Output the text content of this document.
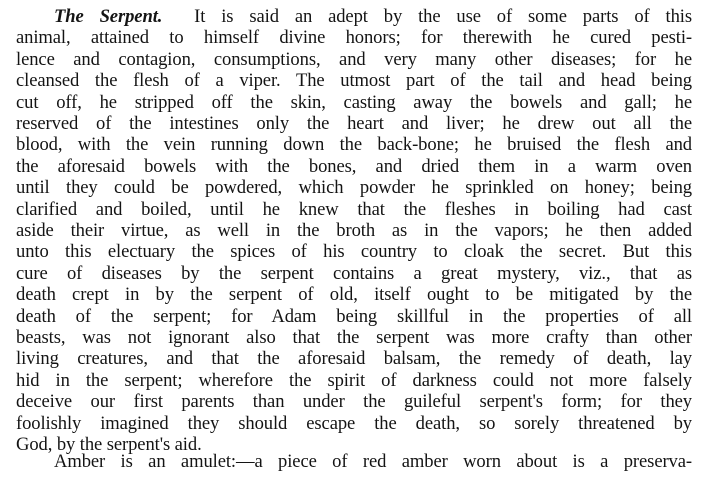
The Serpent. It is said an adept by the use of some parts of this
animal, attained to himself divine honors; for therewith he cured pesti-
lence and contagion, consumptions, and very many other diseases; for he
cleansed the flesh of a viper. The utmost part of the tail and head being
cut off, he stripped off the skin, casting away the bowels and gall; he
reserved of the intestines only the heart and liver; he drew out all the
blood, with the vein running down the back-bone; he bruised the flesh and
the aforesaid bowels with the bones, and dried them in a warm oven
until they could be powdered, which powder he sprinkled on honey; being
clarified and boiled, until he knew that the fleshes in boiling had cast
aside their virtue, as well in the broth as in the vapors; he then added
unto this electuary the spices of his country to cloak the secret. But this
cure of diseases by the serpent contains a great mystery, viz., that as
death crept in by the serpent of old, itself ought to be mitigated by the
death of the serpent; for Adam being skillful in the properties of all
beasts, was not ignorant also that the serpent was more crafty than other
living creatures, and that the aforesaid balsam, the remedy of death, lay
hid in the serpent; wherefore the spirit of darkness could not more falsely
deceive our first parents than under the guileful serpent's form; for they
foolishly imagined they should escape the death, so sorely threatened by
God, by the serpent's aid.
Amber is an amulet:—a piece of red amber worn about is a preserva-
